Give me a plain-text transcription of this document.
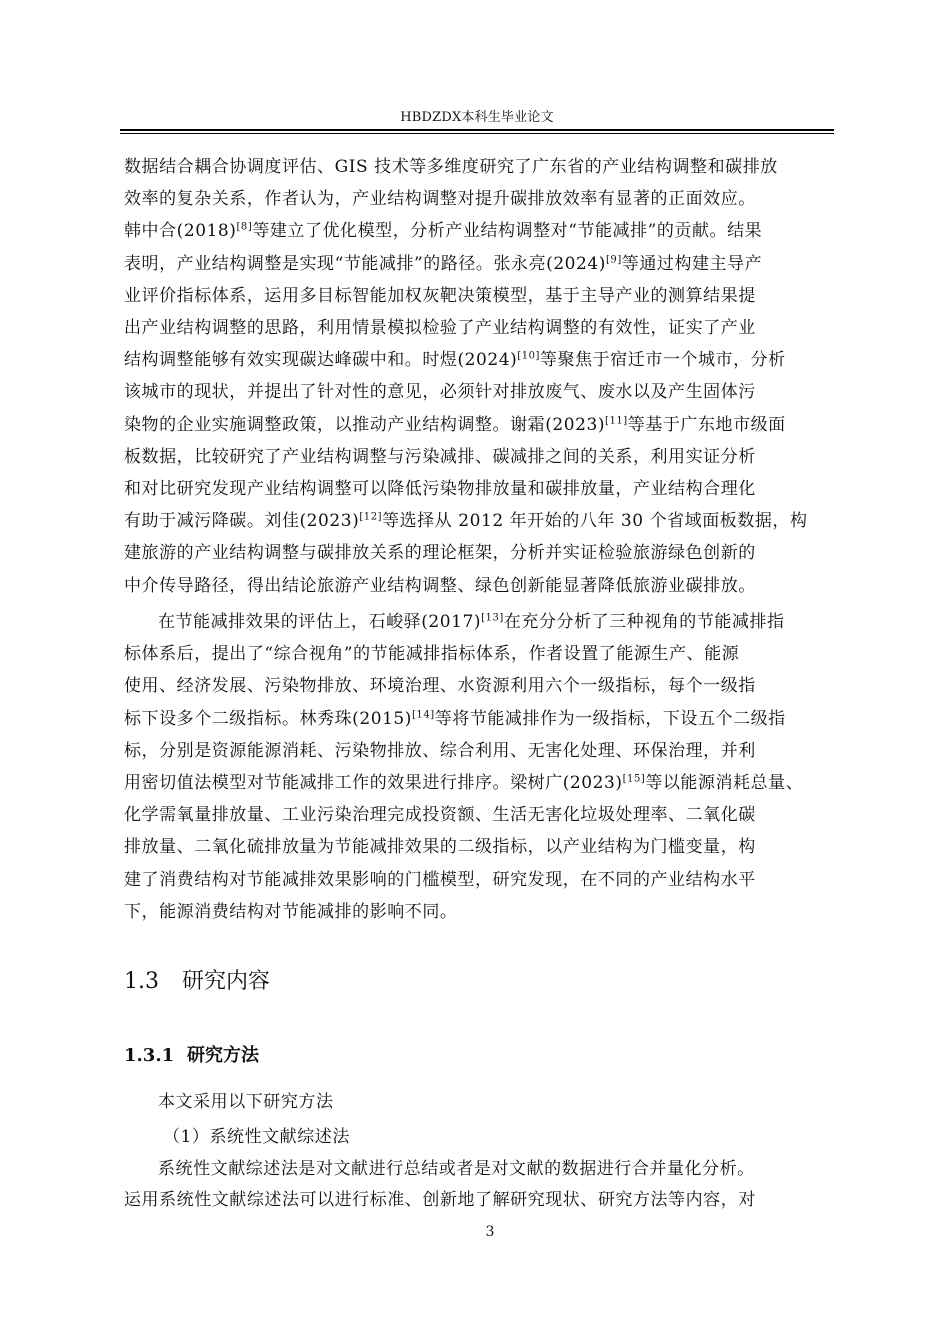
HBDZDX本科生毕业论文
数据结合耦合协调度评估、GIS 技术等多维度研究了广东省的产业结构调整和碳排放
效率的复杂关系，作者认为，产业结构调整对提升碳排放效率有显著的正面效应。
韩中合(2018)[8]等建立了优化模型，分析产业结构调整对“节能减排”的贡献。结果
表明，产业结构调整是实现“节能减排”的路径。张永亮(2024)[9]等通过构建主导产
业评价指标体系，运用多目标智能加权灰靶决策模型，基于主导产业的测算结果提
出产业结构调整的思路，利用情景模拟检验了产业结构调整的有效性，证实了产业
结构调整能够有效实现碳达峰碳中和。时煜(2024)[10]等聚焦于宿迁市一个城市，分析
该城市的现状，并提出了针对性的意见，必须针对排放废气、废水以及产生固体污
染物的企业实施调整政策，以推动产业结构调整。谢霜(2023)[11]等基于广东地市级面
板数据，比较研究了产业结构调整与污染减排、碳减排之间的关系，利用实证分析
和对比研究发现产业结构调整可以降低污染物排放量和碳排放量，产业结构合理化
有助于减污降碳。刘佳(2023)[12]等选择从 2012 年开始的八年 30 个省域面板数据，构
建旅游的产业结构调整与碳排放关系的理论框架，分析并实证检验旅游绿色创新的
中介传导路径，得出结论旅游产业结构调整、绿色创新能显著降低旅游业碳排放。
在节能减排效果的评估上，石峻驿(2017)[13]在充分分析了三种视角的节能减排指
标体系后，提出了“综合视角”的节能减排指标体系，作者设置了能源生产、能源
使用、经济发展、污染物排放、环境治理、水资源利用六个一级指标，每个一级指
标下设多个二级指标。林秀珠(2015)[14]等将节能减排作为一级指标，下设五个二级指
标，分别是资源能源消耗、污染物排放、综合利用、无害化处理、环保治理，并利
用密切值法模型对节能减排工作的效果进行排序。梁树广(2023)[15]等以能源消耗总量、
化学需氧量排放量、工业污染治理完成投资额、生活无害化垃圾处理率、二氧化碳
排放量、二氧化硫排放量为节能减排效果的二级指标，以产业结构为门槛变量，构
建了消费结构对节能减排效果影响的门槛模型，研究发现，在不同的产业结构水平
下，能源消费结构对节能减排的影响不同。
1.3 研究内容
1.3.1 研究方法
本文采用以下研究方法
（1）系统性文献综述法
系统性文献综述法是对文献进行总结或者是对文献的数据进行合并量化分析。
运用系统性文献综述法可以进行标准、创新地了解研究现状、研究方法等内容，对
3
